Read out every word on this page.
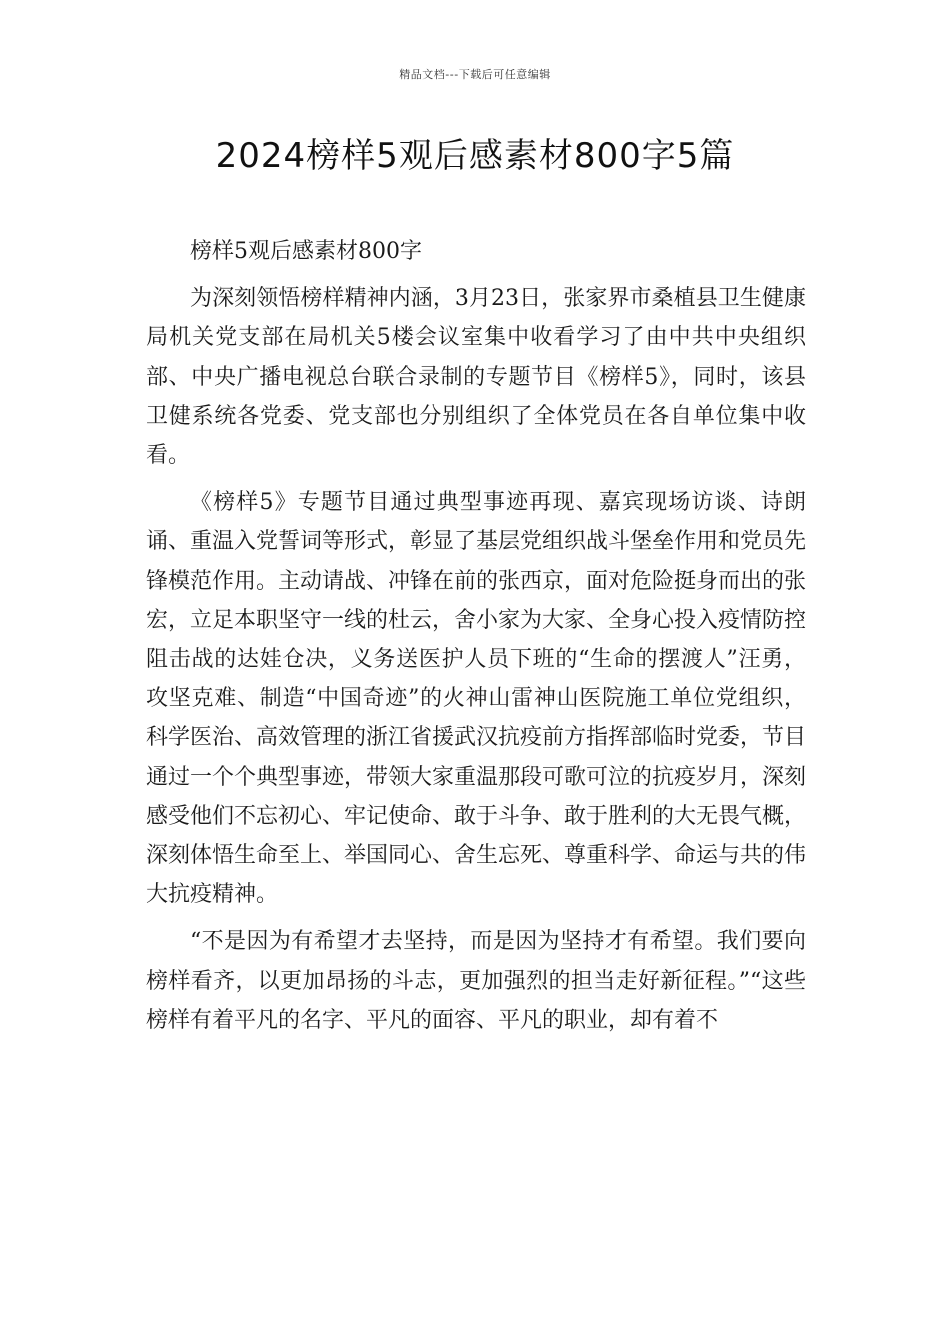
精品文档---下载后可任意编辑
2024榜样5观后感素材800字5篇

榜样5观后感素材800字

为深刻领悟榜样精神内涵，3月23日，张家界市桑植县卫生健康局机关党支部在局机关5楼会议室集中收看学习了由中共中央组织部、中央广播电视总台联合录制的专题节目《榜样5》，同时，该县卫健系统各党委、党支部也分别组织了全体党员在各自单位集中收看。

《榜样5》专题节目通过典型事迹再现、嘉宾现场访谈、诗朗诵、重温入党誓词等形式，彰显了基层党组织战斗堡垒作用和党员先锋模范作用。主动请战、冲锋在前的张西京，面对危险挺身而出的张宏，立足本职坚守一线的杜云，舍小家为大家、全身心投入疫情防控阻击战的达娃仓决，义务送医护人员下班的“生命的摆渡人”汪勇，攻坚克难、制造“中国奇迹”的火神山雷神山医院施工单位党组织，科学医治、高效管理的浙江省援武汉抗疫前方指挥部临时党委，节目通过一个个典型事迹，带领大家重温那段可歌可泣的抗疫岁月，深刻感受他们不忘初心、牢记使命、敢于斗争、敢于胜利的大无畏气概，深刻体悟生命至上、举国同心、舍生忘死、尊重科学、命运与共的伟大抗疫精神。

“不是因为有希望才去坚持，而是因为坚持才有希望。我们要向榜样看齐，以更加昂扬的斗志，更加强烈的担当走好新征程。”“这些榜样有着平凡的名字、平凡的面容、平凡的职业，却有着不
